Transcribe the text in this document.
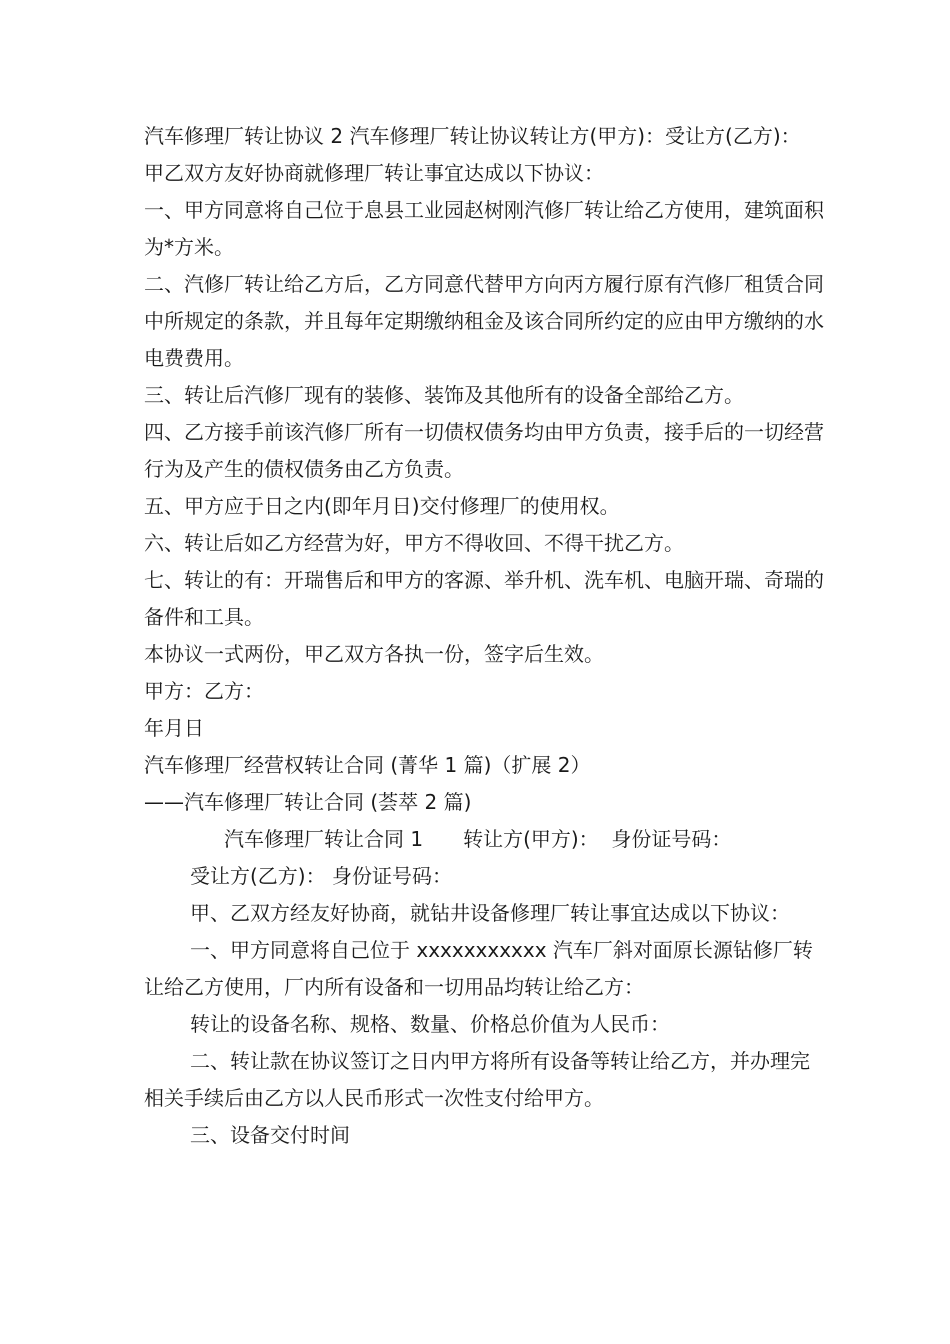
汽车修理厂转让协议 2 汽车修理厂转让协议转让方(甲方)：受让方(乙方)：

甲乙双方友好协商就修理厂转让事宜达成以下协议：

一、甲方同意将自己位于息县工业园赵树刚汽修厂转让给乙方使用，建筑面积为*方米。

二、汽修厂转让给乙方后，乙方同意代替甲方向丙方履行原有汽修厂租赁合同中所规定的条款，并且每年定期缴纳租金及该合同所约定的应由甲方缴纳的水电费费用。

三、转让后汽修厂现有的装修、装饰及其他所有的设备全部给乙方。

四、乙方接手前该汽修厂所有一切债权债务均由甲方负责，接手后的一切经营行为及产生的债权债务由乙方负责。

五、甲方应于日之内(即年月日)交付修理厂的使用权。

六、转让后如乙方经营为好，甲方不得收回、不得干扰乙方。

七、转让的有：开瑞售后和甲方的客源、举升机、洗车机、电脑开瑞、奇瑞的备件和工具。

本协议一式两份，甲乙双方各执一份，签字后生效。

甲方：乙方：

年月日

汽车修理厂经营权转让合同 (菁华 1 篇)（扩展 2）

——汽车修理厂转让合同 (荟萃 2 篇)

汽车修理厂转让合同 1　　转让方(甲方)：  身份证号码：

受让方(乙方)： 身份证号码：

甲、乙双方经友好协商，就钻井设备修理厂转让事宜达成以下协议：

一、甲方同意将自己位于 xxxxxxxxxxx 汽车厂斜对面原长源钻修厂转让给乙方使用，厂内所有设备和一切用品均转让给乙方：

转让的设备名称、规格、数量、价格总价值为人民币：

二、转让款在协议签订之日内甲方将所有设备等转让给乙方，并办理完相关手续后由乙方以人民币形式一次性支付给甲方。

三、设备交付时间
